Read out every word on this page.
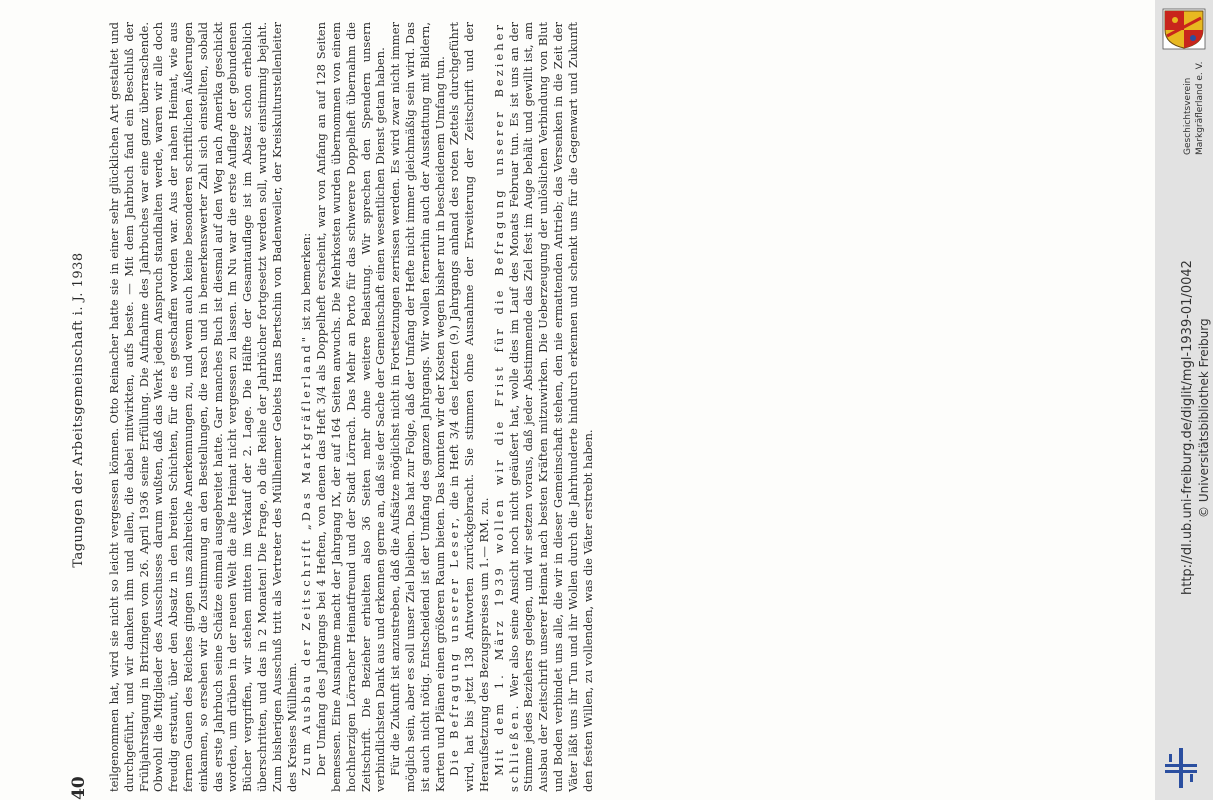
40
Tagungen der Arbeitsgemeinschaft i. J. 1938 teilgenommen hat, wird sie nicht so leicht vergessen können. Otto Reinacher hatte sie in einer sehr glücklichen Art gestaltet und durchgeführt, und wir danken ihm und allen, die dabei mitwirkten, aufs beste. — Mit dem Jahrbuch fand ein Beschluß der Frühjahrstagung in Britzingen vom 26. April 1936 seine Erfüllung. Die Aufnahme des Jahrbuches war eine ganz überraschende. Obwohl die Mitglieder des Ausschusses darum wußten, daß das Werk jedem Anspruch standhalten werde, waren wir alle doch freudig erstaunt, über den Absatz in den breiten Schichten, für die es geschaffen worden war. Aus der nahen Heimat, wie aus fernen Gauen des Reiches gingen uns zahlreiche Anerkennungen zu, und wenn auch keine besonderen schriftlichen Äußerungen einkamen, so ersehen wir die Zustimmung an den Bestellungen, die rasch und in bemerkenswerter Zahl sich einstellten, sobald das erste Jahrbuch seine Schätze einmal ausgebreitet hatte. Gar manches Buch ist diesmal auf den Weg nach Amerika geschickt worden, um drüben in der neuen Welt die alte Heimat nicht vergessen zu lassen. Im Nu war die erste Auflage der gebundenen Bücher vergriffen, wir stehen mitten im Verkauf der 2. Lage. Die Hälfte der Gesamtauflage ist im Absatz schon erheblich überschritten, und das in 2 Monaten! Die Frage, ob die Reihe der Jahrbücher fortgesetzt werden soll, wurde einstimmig bejaht. Zum bisherigen Ausschuß tritt als Vertreter des Müllheimer Gebiets Hans Bertschin von Badenweiler, der Kreiskulturstellenleiter des Kreises Müllheim. Zum Ausbau der Zeitschrift „Das Markgräflerland" ist zu bemerken: Der Umfang des Jahrgangs bei 4 Heften, von denen das Heft 3/4 als Doppelheft erscheint, war von Anfang an auf 128 Seiten bemessen. Eine Ausnahme macht der Jahrgang IX, der auf 164 Seiten anwuchs. Die Mehrkosten wurden übernommen von einem hochherzigen Lörracher Heimatfreund und der Stadt Lörrach. Das Mehr an Porto für das schwerere Doppelheft übernahm die Zeitschrift. Die Bezieher erhielten also 36 Seiten mehr ohne weitere Belastung. Wir sprechen den Spendern unsern verbindlichsten Dank aus und erkennen gerne an, daß sie der Sache der Gemeinschaft einen wesentlichen Dienst getan haben. Für die Zukunft ist anzustreben, daß die Aufsätze möglichst nicht in Fortsetzungen zerrissen werden. Es wird zwar nicht immer möglich sein, aber es soll unser Ziel bleiben. Das hat zur Folge, daß der Umfang der Hefte nicht immer gleichmäßig sein wird. Das ist auch nicht nötig. Entscheidend ist der Umfang des ganzen Jahrgangs. Wir wollen fernerhin auch der Ausstattung mit Bildern, Karten und Plänen einen größeren Raum bieten. Das konnten wir der Kosten wegen bisher nur in bescheidenem Umfang tun. Die Befragung unserer Leser, die in Heft 3/4 des letzten (9.) Jahrgangs anhand des roten Zettels durchgeführt wird, hat bis jetzt 138 Antworten zurückgebracht. Sie stimmen ohne Ausnahme der Erweiterung der Zeitschrift und der Heraufsetzung des Bezugspreises um 1.— RM. zu. Mit dem 1. März 1939 wollen wir die Frist für die Befragung unserer Bezieher schließen. Wer also seine Ansicht noch nicht geäußert hat, wolle dies im Lauf des Monats Februar tun. Es ist uns an der Stimme jedes Beziehers gelegen, und wir setzen voraus, daß jeder Abstimmende das Ziel fest im Auge behält und gewillt ist, am Ausbau der Zeitschrift unserer Heimat nach besten Kräften mitzuwirken. Die Ueberzeugung der unlöslichen Verbindung von Blut und Boden verbindet uns alle, die wir in dieser Gemeinschaft stehen, den nie ermattenden Antrieb; das Versenken in die Zeit der Väter läßt uns ihr Tun und ihr Wollen durch die Jahrhunderte hindurch erkennen und schenkt uns für die Gegenwart und Zukunft den festen Willen, zu vollenden, was die Väter erstrebt haben.

Geschichtsverein Markgräflerland e. V.
http://dl.ub.uni-freiburg.de/diglit/mgl-1939-01/0042 © Universitätsbibliothek Freiburg
